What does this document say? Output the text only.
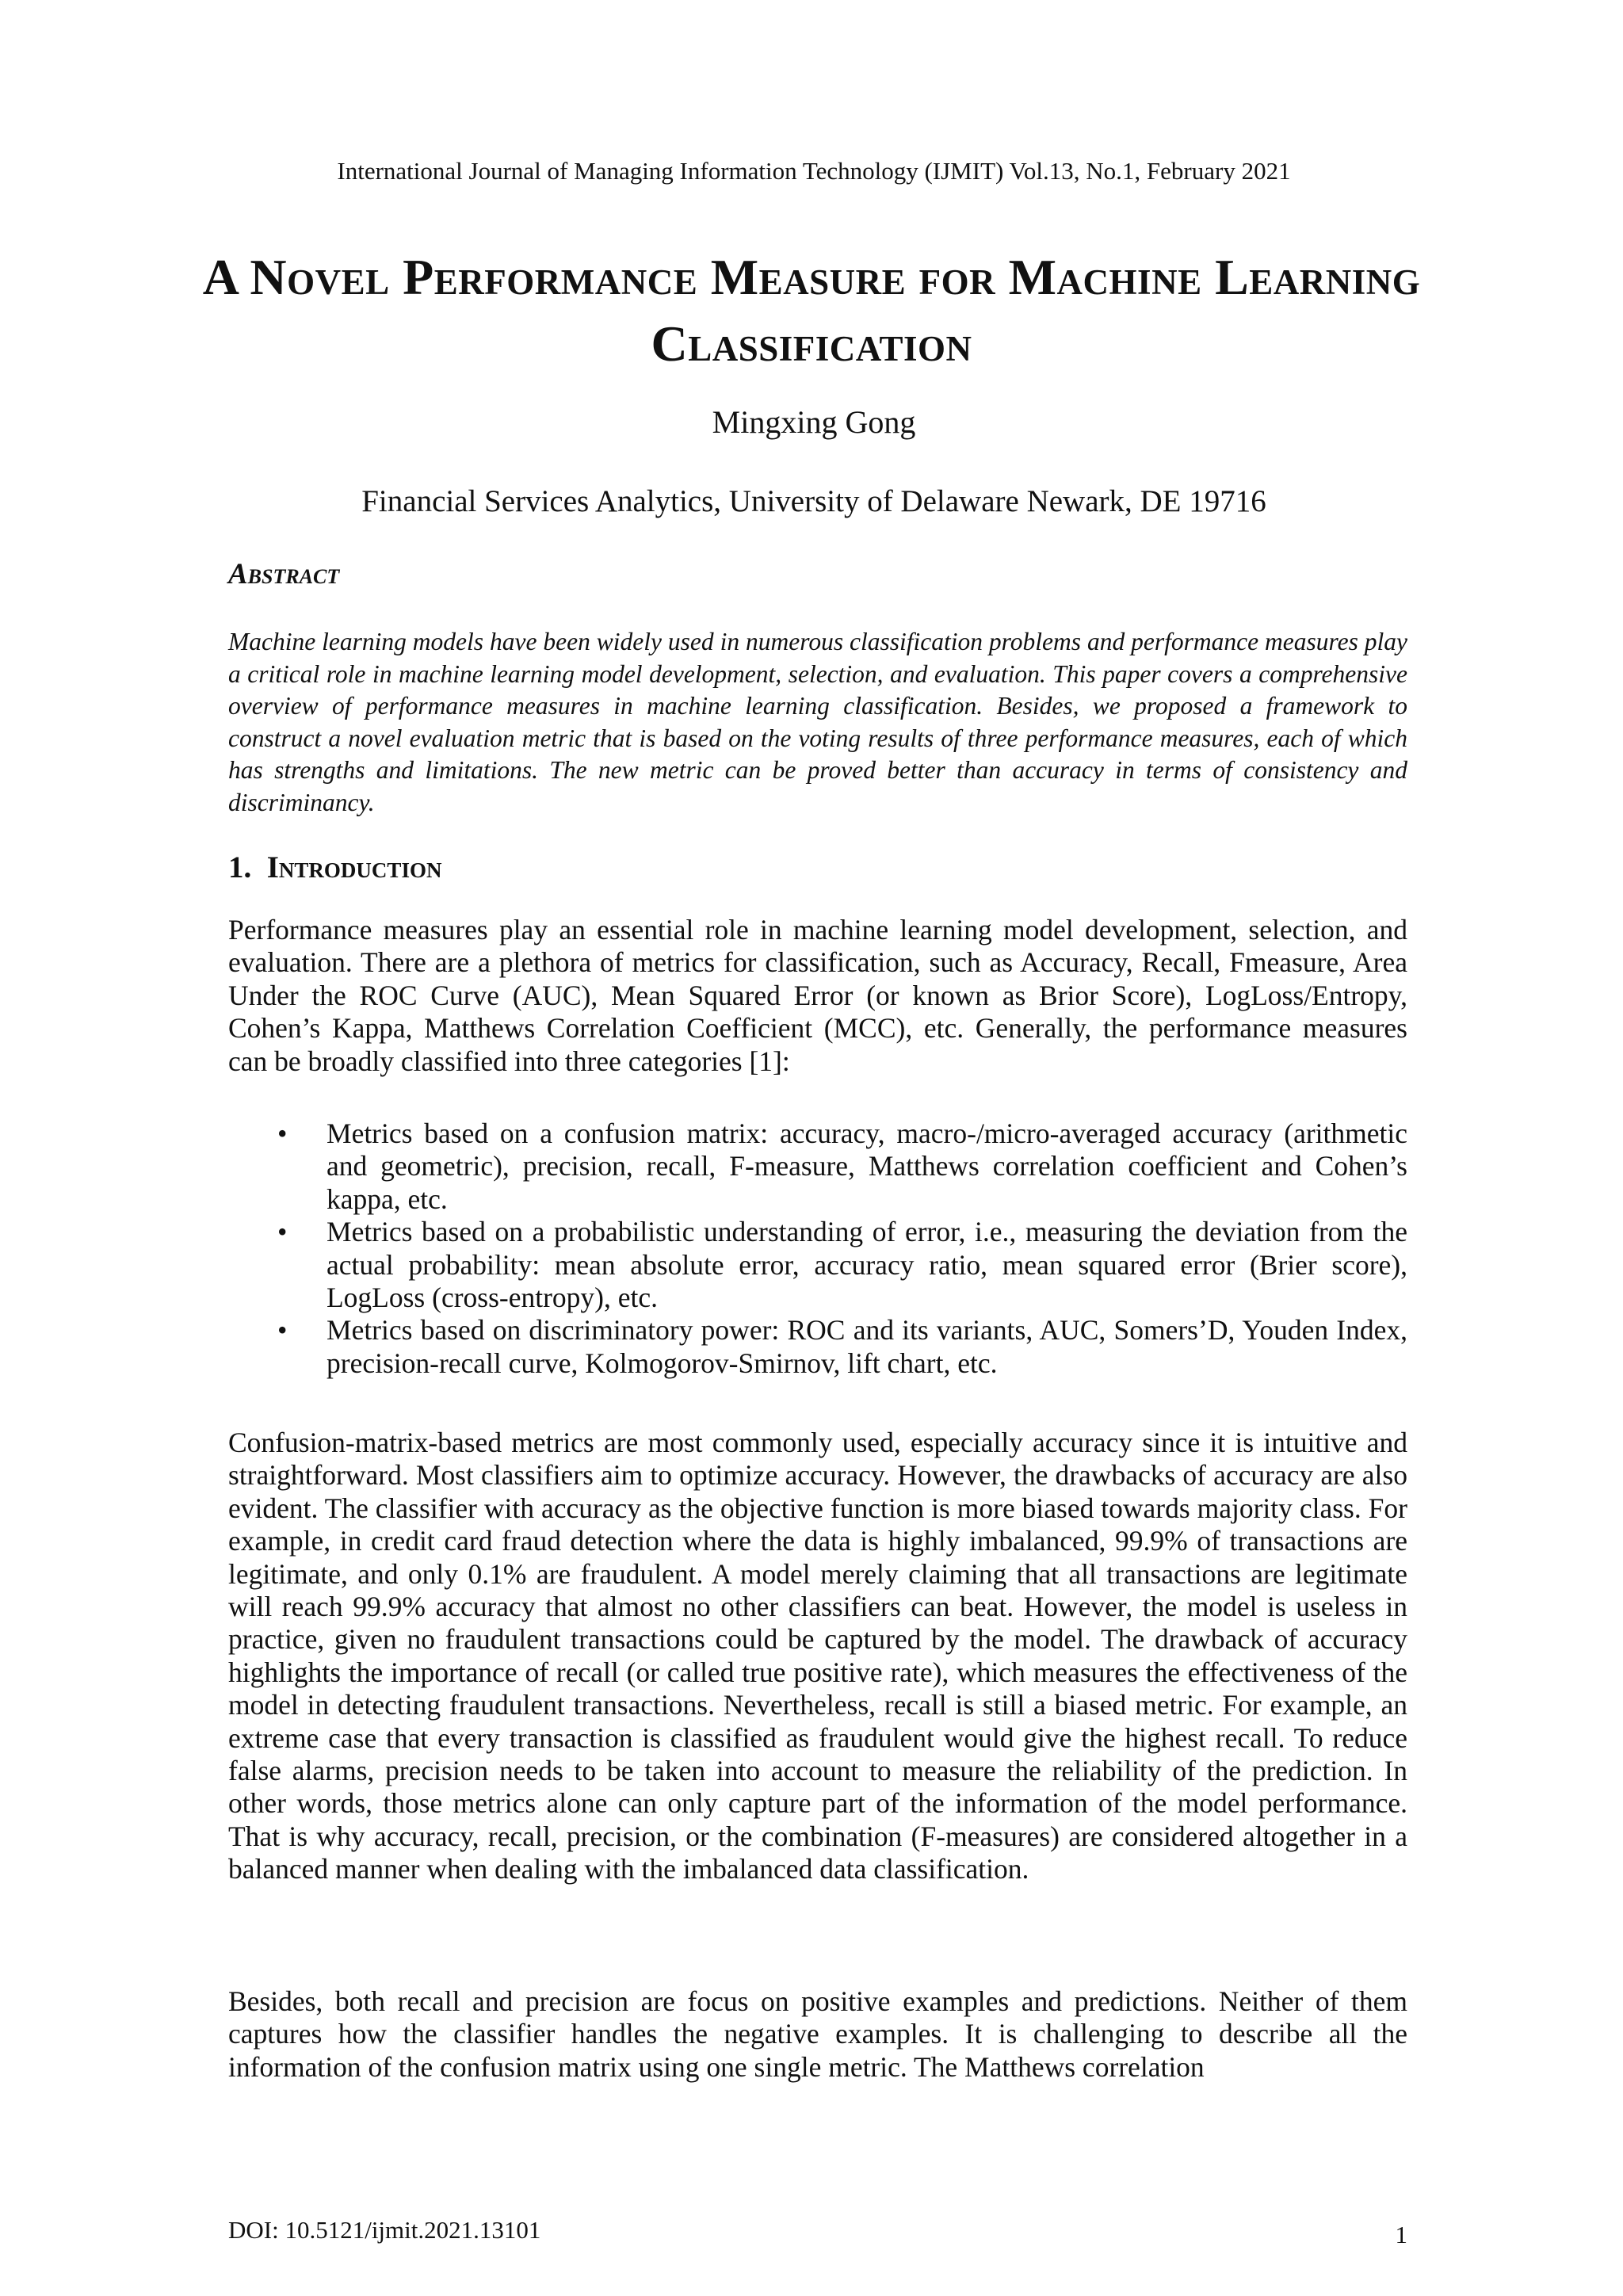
International Journal of Managing Information Technology (IJMIT) Vol.13, No.1, February 2021
A Novel Performance Measure for Machine Learning Classification
Mingxing Gong
Financial Services Analytics, University of Delaware Newark, DE 19716
Abstract

Machine learning models have been widely used in numerous classification problems and performance measures play a critical role in machine learning model development, selection, and evaluation. This paper covers a comprehensive overview of performance measures in machine learning classification. Besides, we proposed a framework to construct a novel evaluation metric that is based on the voting results of three performance measures, each of which has strengths and limitations. The new metric can be proved better than accuracy in terms of consistency and discriminancy.

1. Introduction

Performance measures play an essential role in machine learning model development, selection, and evaluation. There are a plethora of metrics for classification, such as Accuracy, Recall, Fmeasure, Area Under the ROC Curve (AUC), Mean Squared Error (or known as Brior Score), LogLoss/Entropy, Cohen’s Kappa, Matthews Correlation Coefficient (MCC), etc. Generally, the performance measures can be broadly classified into three categories [1]:

• Metrics based on a confusion matrix: accuracy, macro-/micro-averaged accuracy (arithmetic and geometric), precision, recall, F-measure, Matthews correlation coefficient and Cohen’s kappa, etc.
• Metrics based on a probabilistic understanding of error, i.e., measuring the deviation from the actual probability: mean absolute error, accuracy ratio, mean squared error (Brier score), LogLoss (cross-entropy), etc.
• Metrics based on discriminatory power: ROC and its variants, AUC, Somers’D, Youden Index, precision-recall curve, Kolmogorov-Smirnov, lift chart, etc.

Confusion-matrix-based metrics are most commonly used, especially accuracy since it is intuitive and straightforward. Most classifiers aim to optimize accuracy. However, the drawbacks of accuracy are also evident. The classifier with accuracy as the objective function is more biased towards majority class. For example, in credit card fraud detection where the data is highly imbalanced, 99.9% of transactions are legitimate, and only 0.1% are fraudulent. A model merely claiming that all transactions are legitimate will reach 99.9% accuracy that almost no other classifiers can beat. However, the model is useless in practice, given no fraudulent transactions could be captured by the model. The drawback of accuracy highlights the importance of recall (or called true positive rate), which measures the effectiveness of the model in detecting fraudulent transactions. Nevertheless, recall is still a biased metric. For example, an extreme case that every transaction is classified as fraudulent would give the highest recall. To reduce false alarms, precision needs to be taken into account to measure the reliability of the prediction. In other words, those metrics alone can only capture part of the information of the model performance. That is why accuracy, recall, precision, or the combination (F-measures) are considered altogether in a balanced manner when dealing with the imbalanced data classification.

Besides, both recall and precision are focus on positive examples and predictions. Neither of them captures how the classifier handles the negative examples. It is challenging to describe all the information of the confusion matrix using one single metric. The Matthews correlation

DOI: 10.5121/ijmit.2021.13101	1
